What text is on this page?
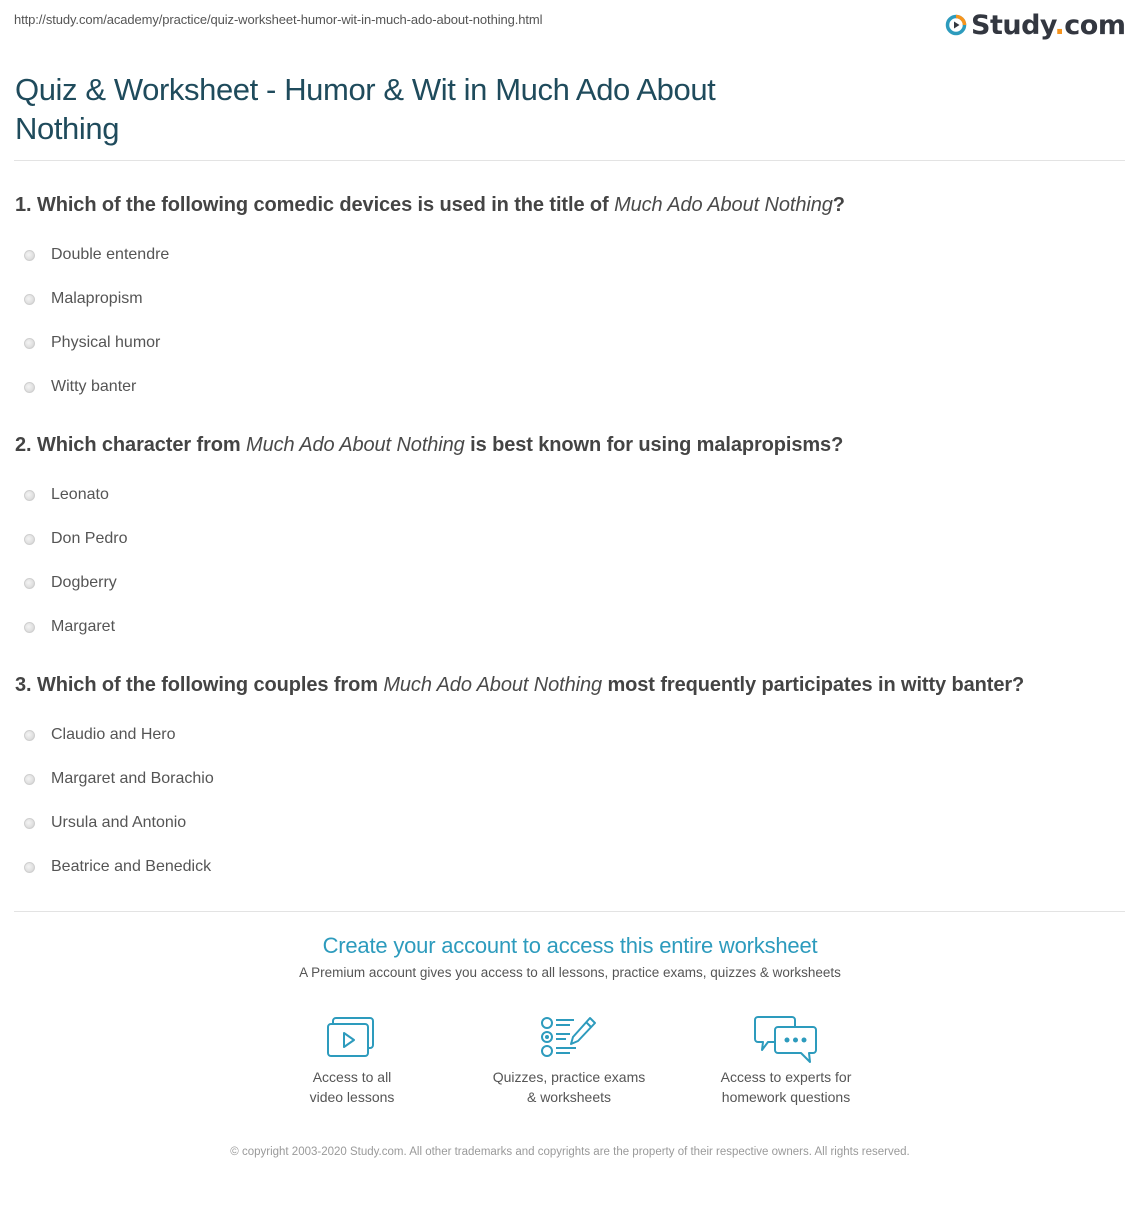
http://study.com/academy/practice/quiz-worksheet-humor-wit-in-much-ado-about-nothing.html	Study.com
Quiz & Worksheet - Humor & Wit in Much Ado About Nothing
1. Which of the following comedic devices is used in the title of Much Ado About Nothing?
Double entendre
Malapropism
Physical humor
Witty banter
2. Which character from Much Ado About Nothing is best known for using malapropisms?
Leonato
Don Pedro
Dogberry
Margaret
3. Which of the following couples from Much Ado About Nothing most frequently participates in witty banter?
Claudio and Hero
Margaret and Borachio
Ursula and Antonio
Beatrice and Benedick
Create your account to access this entire worksheet
A Premium account gives you access to all lessons, practice exams, quizzes & worksheets
Access to all
video lessons
Quizzes, practice exams
& worksheets
Access to experts for
homework questions
© copyright 2003-2020 Study.com. All other trademarks and copyrights are the property of their respective owners. All rights reserved.
